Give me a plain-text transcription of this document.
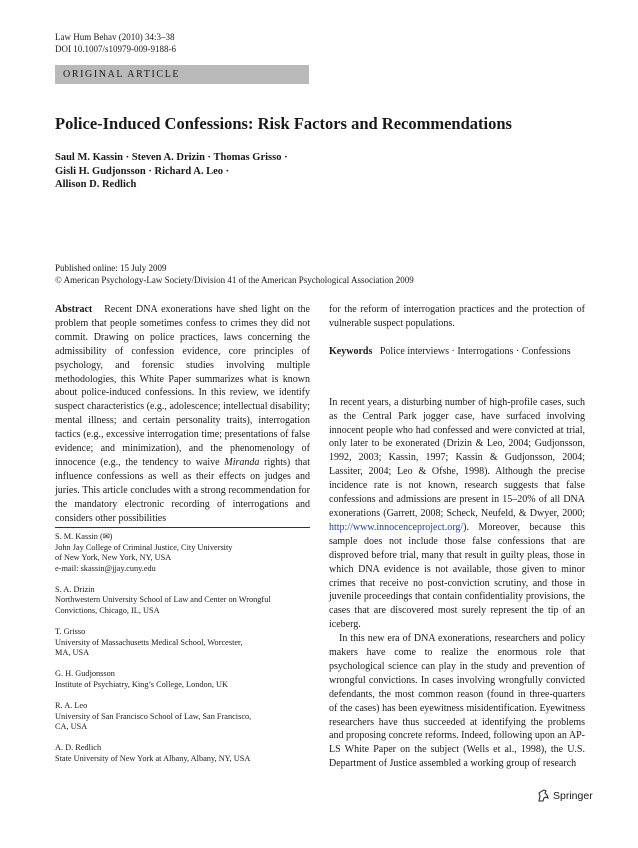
Law Hum Behav (2010) 34:3–38
DOI 10.1007/s10979-009-9188-6
ORIGINAL ARTICLE
Police-Induced Confessions: Risk Factors and Recommendations
Saul M. Kassin · Steven A. Drizin · Thomas Grisso ·
Gisli H. Gudjonsson · Richard A. Leo ·
Allison D. Redlich
Published online: 15 July 2009
© American Psychology-Law Society/Division 41 of the American Psychological Association 2009
Abstract Recent DNA exonerations have shed light on the problem that people sometimes confess to crimes they did not commit. Drawing on police practices, laws concerning the admissibility of confession evidence, core principles of psychology, and forensic studies involving multiple methodologies, this White Paper summarizes what is known about police-induced confessions. In this review, we identify suspect characteristics (e.g., adolescence; intellectual disability; mental illness; and certain personality traits), interrogation tactics (e.g., excessive interrogation time; presentations of false evidence; and minimization), and the phenomenology of innocence (e.g., the tendency to waive Miranda rights) that influence confessions as well as their effects on judges and juries. This article concludes with a strong recommendation for the mandatory electronic recording of interrogations and considers other possibilities
S. M. Kassin (✉)
John Jay College of Criminal Justice, City University
of New York, New York, NY, USA
e-mail: skassin@jjay.cuny.edu
S. A. Drizin
Northwestern University School of Law and Center on Wrongful
Convictions, Chicago, IL, USA
T. Grisso
University of Massachusetts Medical School, Worcester,
MA, USA
G. H. Gudjonsson
Institute of Psychiatry, King’s College, London, UK
R. A. Leo
University of San Francisco School of Law, San Francisco,
CA, USA
A. D. Redlich
State University of New York at Albany, Albany, NY, USA
for the reform of interrogation practices and the protection of vulnerable suspect populations.
Keywords Police interviews · Interrogations · Confessions

In recent years, a disturbing number of high-profile cases, such as the Central Park jogger case, have surfaced involving innocent people who had confessed and were convicted at trial, only later to be exonerated (Drizin & Leo, 2004; Gudjonsson, 1992, 2003; Kassin, 1997; Kassin & Gudjonsson, 2004; Lassiter, 2004; Leo & Ofshe, 1998). Although the precise incidence rate is not known, research suggests that false confessions and admissions are present in 15–20% of all DNA exonerations (Garrett, 2008; Scheck, Neufeld, & Dwyer, 2000; http://www.innocenceproject.org/). Moreover, because this sample does not include those false confessions that are disproved before trial, many that result in guilty pleas, those in which DNA evidence is not available, those given to minor crimes that receive no post-conviction scrutiny, and those in juvenile proceedings that contain confidentiality provisions, the cases that are discovered most surely represent the tip of an iceberg.

In this new era of DNA exonerations, researchers and policy makers have come to realize the enormous role that psychological science can play in the study and prevention of wrongful convictions. In cases involving wrongfully convicted defendants, the most common reason (found in three-quarters of the cases) has been eyewitness misidentification. Eyewitness researchers have thus succeeded at identifying the problems and proposing concrete reforms. Indeed, following upon an AP-LS White Paper on the subject (Wells et al., 1998), the U.S. Department of Justice assembled a working group of research

Springer
